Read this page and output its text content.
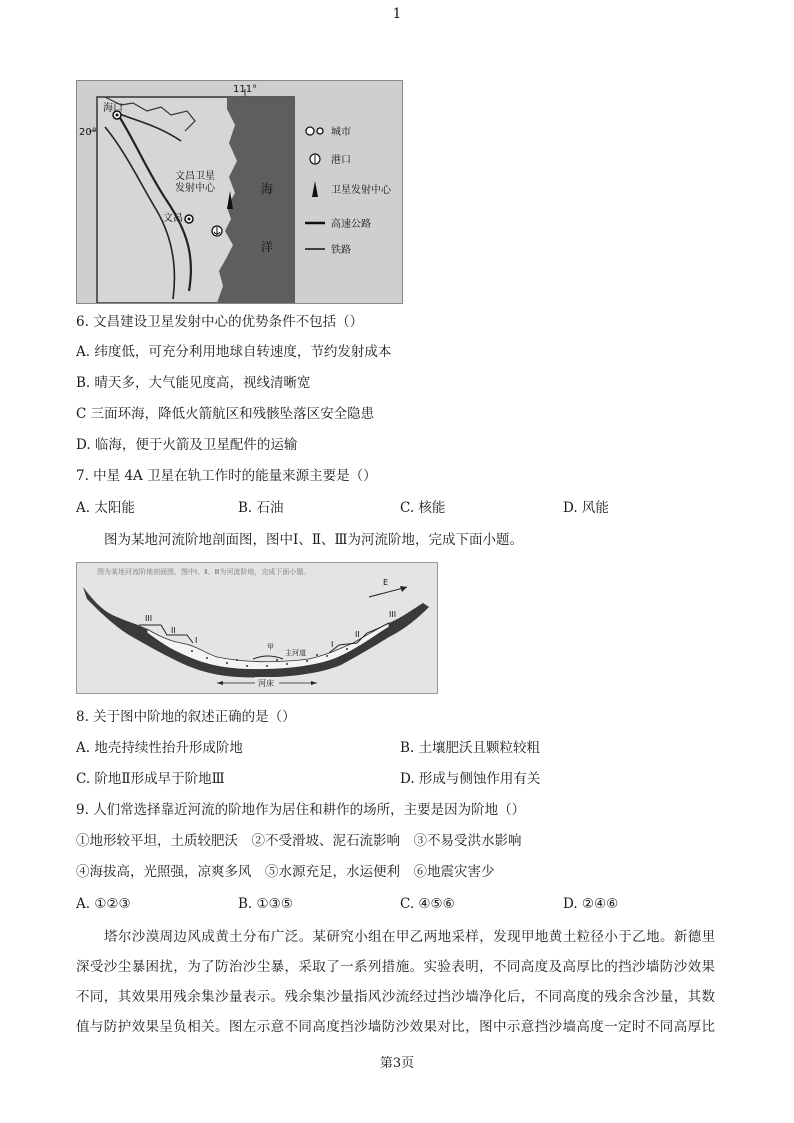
1
111°
20°
海口
文昌卫星
发射中心
文昌
海
洋
城市
港口
卫星发射中心
高速公路
铁路
6. 文昌建设卫星发射中心的优势条件不包括（）
A. 纬度低，可充分利用地球自转速度，节约发射成本
B. 晴天多，大气能见度高，视线清晰宽
C 三面环海，降低火箭航区和残骸坠落区安全隐患
D. 临海，便于火箭及卫星配件的运输
7. 中星 4A 卫星在轨工作时的能量来源主要是（）
A. 太阳能	B. 石油	C. 核能	D. 风能
图为某地河流阶地剖面图，图中Ⅰ、Ⅱ、Ⅲ为河流阶地，完成下面小题。
图为某地河流阶地剖面图，图中Ⅰ、Ⅱ、Ⅲ为河流阶地，完成下面小题。
III
II
I
甲
主河道
I
II
III
E
河床
8. 关于图中阶地的叙述正确的是（）
A. 地壳持续性抬升形成阶地	B. 土壤肥沃且颗粒较粗
C. 阶地Ⅱ形成早于阶地Ⅲ	D. 形成与侧蚀作用有关
9. 人们常选择靠近河流的阶地作为居住和耕作的场所，主要是因为阶地（）
①地形较平坦，土质较肥沃　②不受滑坡、泥石流影响　③不易受洪水影响
④海拔高，光照强，凉爽多风　⑤水源充足，水运便利　⑥地震灾害少
A. ①②③	B. ①③⑤	C. ④⑤⑥	D. ②④⑥
塔尔沙漠周边风成黄土分布广泛。某研究小组在甲乙两地采样，发现甲地黄土粒径小于乙地。新德里
深受沙尘暴困扰，为了防治沙尘暴，采取了一系列措施。实验表明，不同高度及高厚比的挡沙墙防沙效果
不同，其效果用残余集沙量表示。残余集沙量指风沙流经过挡沙墙净化后，不同高度的残余含沙量，其数
值与防护效果呈负相关。图左示意不同高度挡沙墙防沙效果对比，图中示意挡沙墙高度一定时不同高厚比
第3页
